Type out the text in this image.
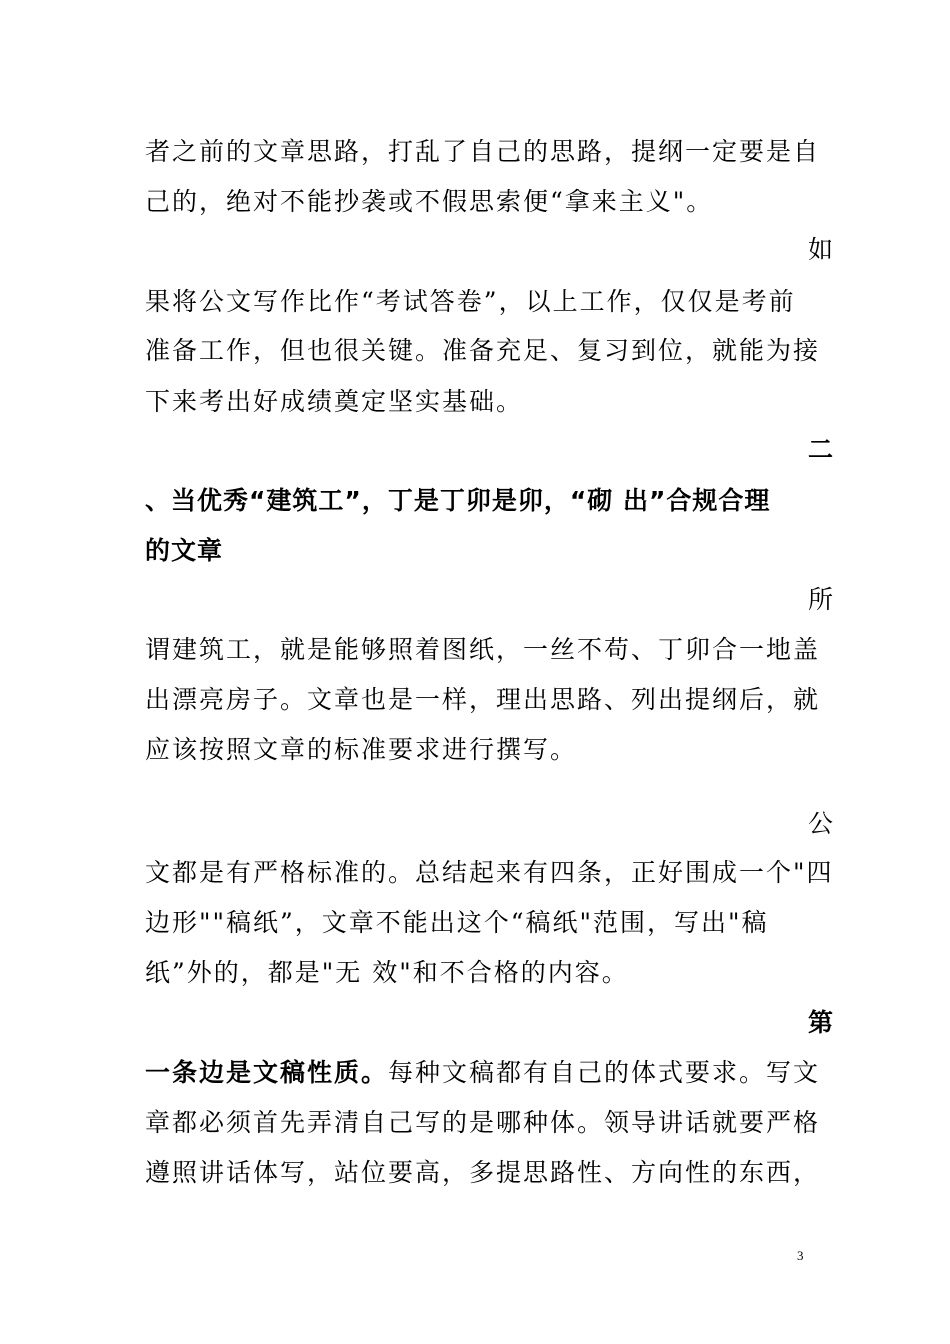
者之前的文章思路，打乱了自己的思路，提纲一定要是自
己的，绝对不能抄袭或不假思索便“拿来主义"。
如
果将公文写作比作“考试答卷”，以上工作，仅仅是考前
准备工作，但也很关键。准备充足、复习到位，就能为接
下来考出好成绩奠定坚实基础。
二
、当优秀“建筑工”，丁是丁卯是卯，“砌 出”合规合理
的文章
所
谓建筑工，就是能够照着图纸，一丝不苟、丁卯合一地盖
出漂亮房子。文章也是一样，理出思路、列出提纲后，就
应该按照文章的标准要求进行撰写。
公
文都是有严格标准的。总结起来有四条，正好围成一个"四
边形""稿纸”，文章不能出这个“稿纸"范围，写出"稿
纸”外的，都是"无 效"和不合格的内容。
第
一条边是文稿性质。每种文稿都有自己的体式要求。写文
章都必须首先弄清自己写的是哪种体。领导讲话就要严格
遵照讲话体写，站位要高，多提思路性、方向性的东西，
3
